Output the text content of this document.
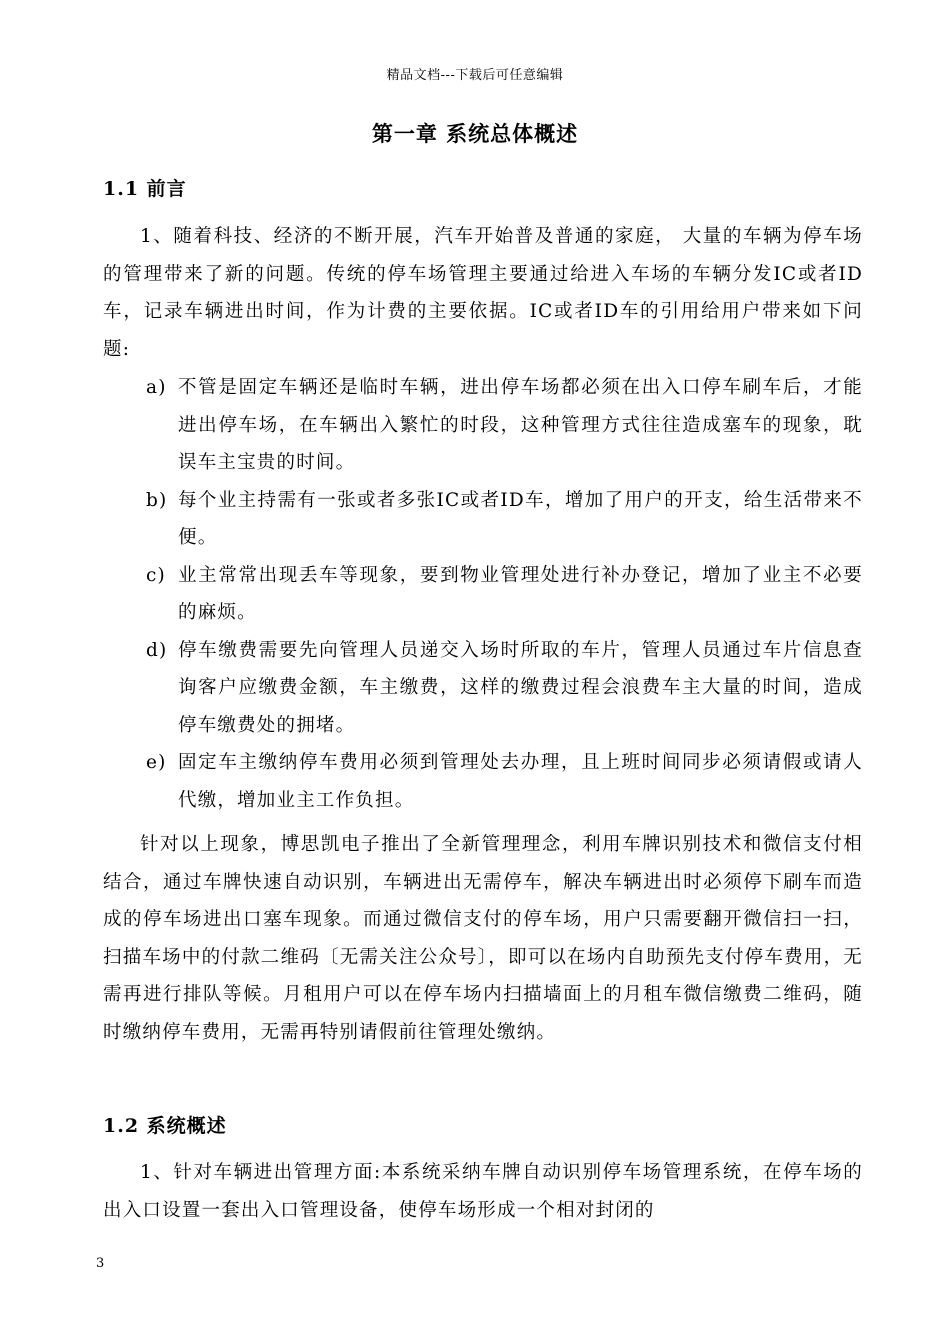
精品文档---下载后可任意编辑
第一章 系统总体概述
1.1 前言
1、随着科技、经济的不断开展，汽车开始普及普通的家庭， 大量的车辆为停车场的管理带来了新的问题。传统的停车场管理主要通过给进入车场的车辆分发IC或者ID车，记录车辆进出时间，作为计费的主要依据。IC或者ID车的引用给用户带来如下问题:
a) 不管是固定车辆还是临时车辆，进出停车场都必须在出入口停车刷车后，才能进出停车场，在车辆出入繁忙的时段，这种管理方式往往造成塞车的现象，耽误车主宝贵的时间。
b) 每个业主持需有一张或者多张IC或者ID车，增加了用户的开支，给生活带来不便。
c) 业主常常出现丢车等现象，要到物业管理处进行补办登记，增加了业主不必要的麻烦。
d) 停车缴费需要先向管理人员递交入场时所取的车片，管理人员通过车片信息查询客户应缴费金额，车主缴费，这样的缴费过程会浪费车主大量的时间，造成停车缴费处的拥堵。
e) 固定车主缴纳停车费用必须到管理处去办理，且上班时间同步必须请假或请人代缴，增加业主工作负担。
针对以上现象，博思凯电子推出了全新管理理念，利用车牌识别技术和微信支付相结合，通过车牌快速自动识别，车辆进出无需停车，解决车辆进出时必须停下刷车而造成的停车场进出口塞车现象。而通过微信支付的停车场，用户只需要翻开微信扫一扫，扫描车场中的付款二维码〔无需关注公众号〕，即可以在场内自助预先支付停车费用，无需再进行排队等候。月租用户可以在停车场内扫描墙面上的月租车微信缴费二维码，随时缴纳停车费用，无需再特别请假前往管理处缴纳。
1.2 系统概述
1、针对车辆进出管理方面:本系统采纳车牌自动识别停车场管理系统，在停车场的出入口设置一套出入口管理设备，使停车场形成一个相对封闭的
3
